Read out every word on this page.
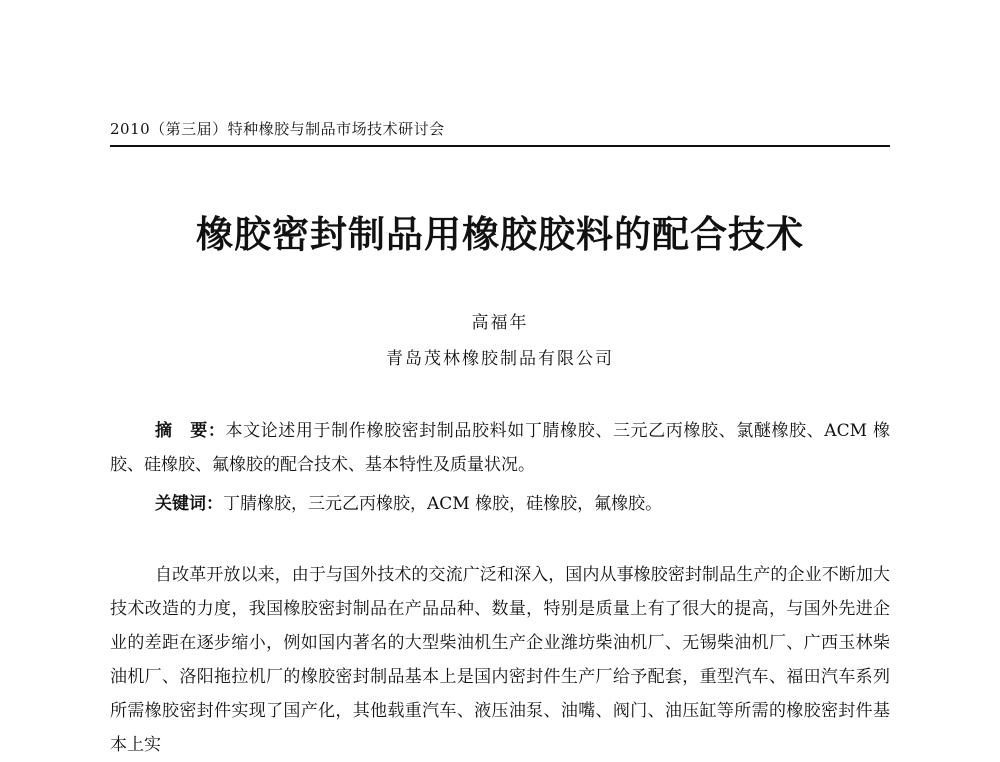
2010（第三届）特种橡胶与制品市场技术研讨会
橡胶密封制品用橡胶胶料的配合技术
高福年
青岛茂林橡胶制品有限公司

摘　要：本文论述用于制作橡胶密封制品胶料如丁腈橡胶、三元乙丙橡胶、氯醚橡胶、ACM 橡胶、硅橡胶、氟橡胶的配合技术、基本特性及质量状况。

关键词：丁腈橡胶，三元乙丙橡胶，ACM 橡胶，硅橡胶，氟橡胶。

自改革开放以来，由于与国外技术的交流广泛和深入，国内从事橡胶密封制品生产的企业不断加大技术改造的力度，我国橡胶密封制品在产品品种、数量，特别是质量上有了很大的提高，与国外先进企业的差距在逐步缩小，例如国内著名的大型柴油机生产企业潍坊柴油机厂、无锡柴油机厂、广西玉林柴油机厂、洛阳拖拉机厂的橡胶密封制品基本上是国内密封件生产厂给予配套，重型汽车、福田汽车系列所需橡胶密封件实现了国产化，其他载重汽车、液压油泵、油嘴、阀门、油压缸等所需的橡胶密封件基本上实
